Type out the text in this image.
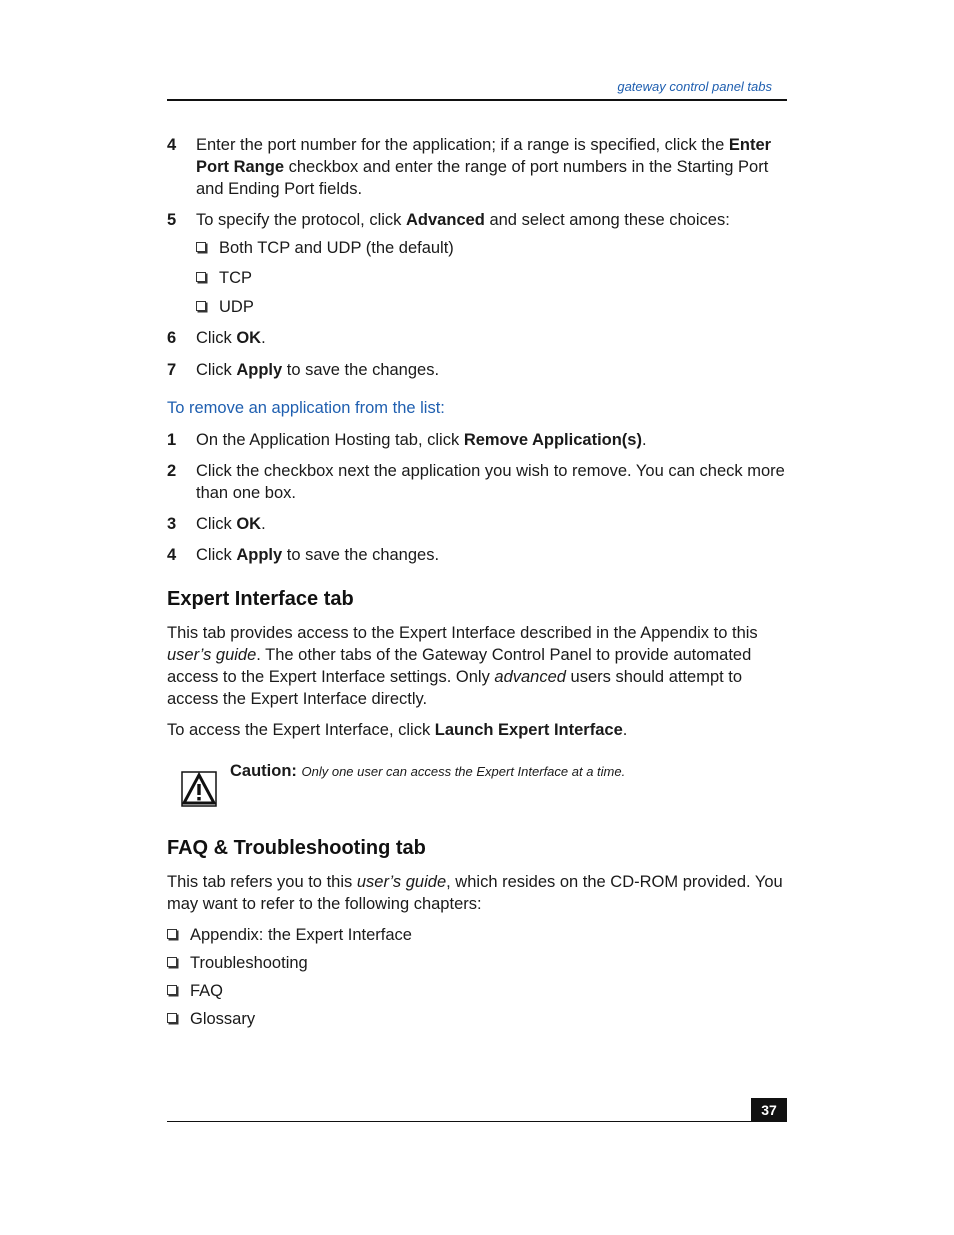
gateway control panel tabs
4 Enter the port number for the application; if a range is specified, click the Enter Port Range checkbox and enter the range of port numbers in the Starting Port and Ending Port fields.
5 To specify the protocol, click Advanced and select among these choices:
Both TCP and UDP (the default)
TCP
UDP
6 Click OK.
7 Click Apply to save the changes.
To remove an application from the list:
1 On the Application Hosting tab, click Remove Application(s).
2 Click the checkbox next the application you wish to remove. You can check more than one box.
3 Click OK.
4 Click Apply to save the changes.
Expert Interface tab
This tab provides access to the Expert Interface described in the Appendix to this user’s guide. The other tabs of the Gateway Control Panel to provide automated access to the Expert Interface settings. Only advanced users should attempt to access the Expert Interface directly.
To access the Expert Interface, click Launch Expert Interface.
Caution: Only one user can access the Expert Interface at a time.
FAQ & Troubleshooting tab
This tab refers you to this user’s guide, which resides on the CD-ROM provided. You may want to refer to the following chapters:
Appendix: the Expert Interface
Troubleshooting
FAQ
Glossary
37
